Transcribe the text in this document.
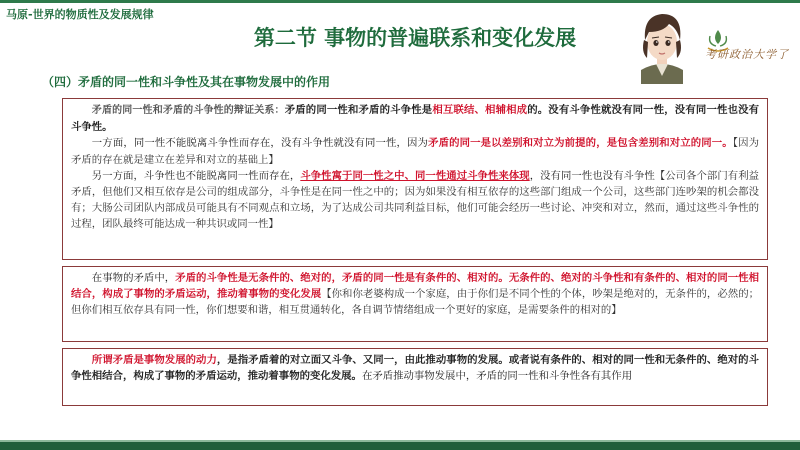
马原-世界的物质性及发展规律
第二节 事物的普遍联系和变化发展
考研政治大学了
（四）矛盾的同一性和斗争性及其在事物发展中的作用

矛盾的同一性和矛盾的斗争性的辩证关系：矛盾的同一性和矛盾的斗争性是相互联结、相辅相成的。没有斗争性就没有同一性，没有同一性也没有斗争性。

一方面，同一性不能脱离斗争性而存在，没有斗争性就没有同一性，因为矛盾的同一是以差别和对立为前提的，是包含差别和对立的同一。【因为矛盾的存在就是建立在差异和对立的基础上】

另一方面，斗争性也不能脱离同一性而存在，斗争性寓于同一性之中、同一性通过斗争性来体现，没有同一性也没有斗争性【公司各个部门有利益矛盾，但他们又相互依存是公司的组成部分，斗争性是在同一性之中的；因为如果没有相互依存的这些部门组成一个公司，这些部门连吵架的机会都没有；大肠公司团队内部成员可能具有不同观点和立场，为了达成公司共同利益目标，他们可能会经历一些讨论、冲突和对立，然而，通过这些斗争性的过程，团队最终可能达成一种共识或同一性】

在事物的矛盾中，矛盾的斗争性是无条件的、绝对的，矛盾的同一性是有条件的、相对的。无条件的、绝对的斗争性和有条件的、相对的同一性相结合，构成了事物的矛盾运动，推动着事物的变化发展【你和你老婆构成一个家庭，由于你们是不同个性的个体，吵架是绝对的，无条件的，必然的；但你们相互依存具有同一性，你们想要和谐，相互贯通转化，各自调节情绪组成一个更好的家庭，是需要条件的相对的】

所谓矛盾是事物发展的动力，是指矛盾着的对立面又斗争、又同一，由此推动事物的发展。或者说有条件的、相对的同一性和无条件的、绝对的斗争性相结合，构成了事物的矛盾运动，推动着事物的变化发展。在矛盾推动事物发展中，矛盾的同一性和斗争性各有其作用
